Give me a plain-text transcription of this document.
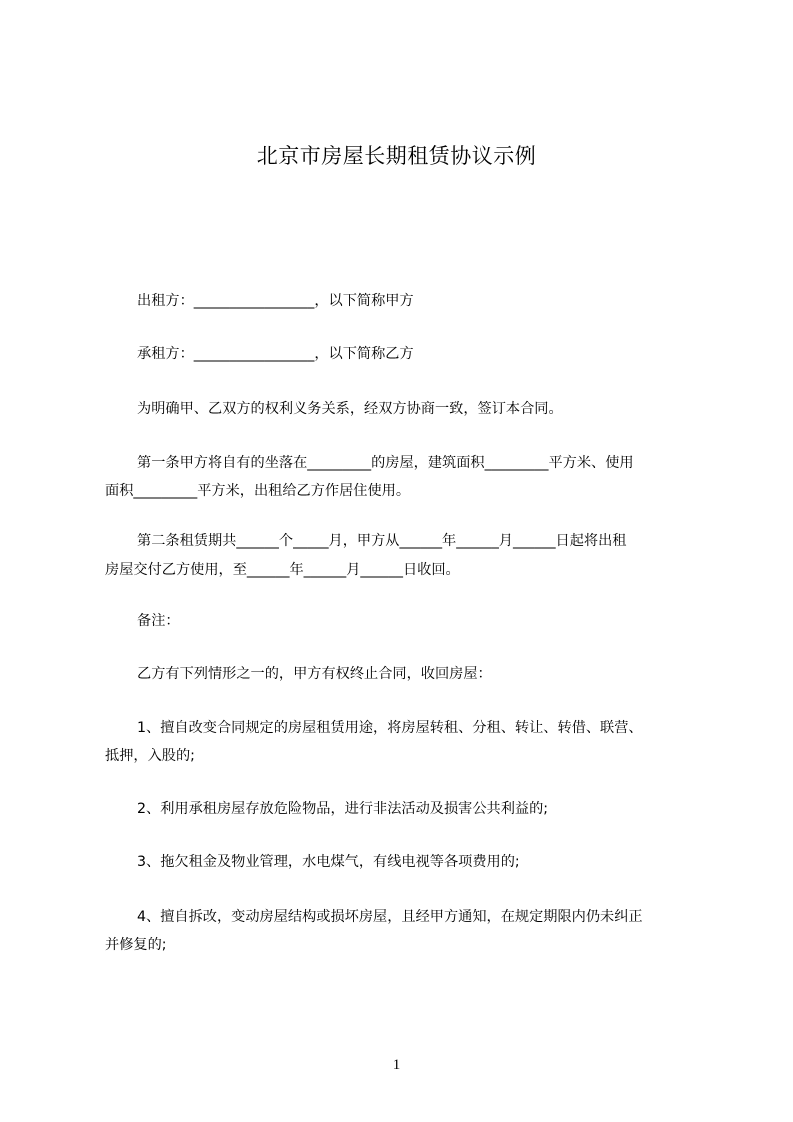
北京市房屋长期租赁协议示例
出租方：_________________，以下简称甲方
承租方：_________________，以下简称乙方
为明确甲、乙双方的权利义务关系，经双方协商一致，签订本合同。
第一条甲方将自有的坐落在_________的房屋，建筑面积_________平方米、使用
面积_________平方米，出租给乙方作居住使用。
第二条租赁期共______个_____月，甲方从______年______月______日起将出租
房屋交付乙方使用，至______年______月______日收回。
备注：
乙方有下列情形之一的，甲方有权终止合同，收回房屋：
1、擅自改变合同规定的房屋租赁用途，将房屋转租、分租、转让、转借、联营、
抵押，入股的;
2、利用承租房屋存放危险物品，进行非法活动及损害公共利益的;
3、拖欠租金及物业管理，水电煤气，有线电视等各项费用的;
4、擅自拆改，变动房屋结构或损坏房屋，且经甲方通知，在规定期限内仍未纠正
并修复的;
1
